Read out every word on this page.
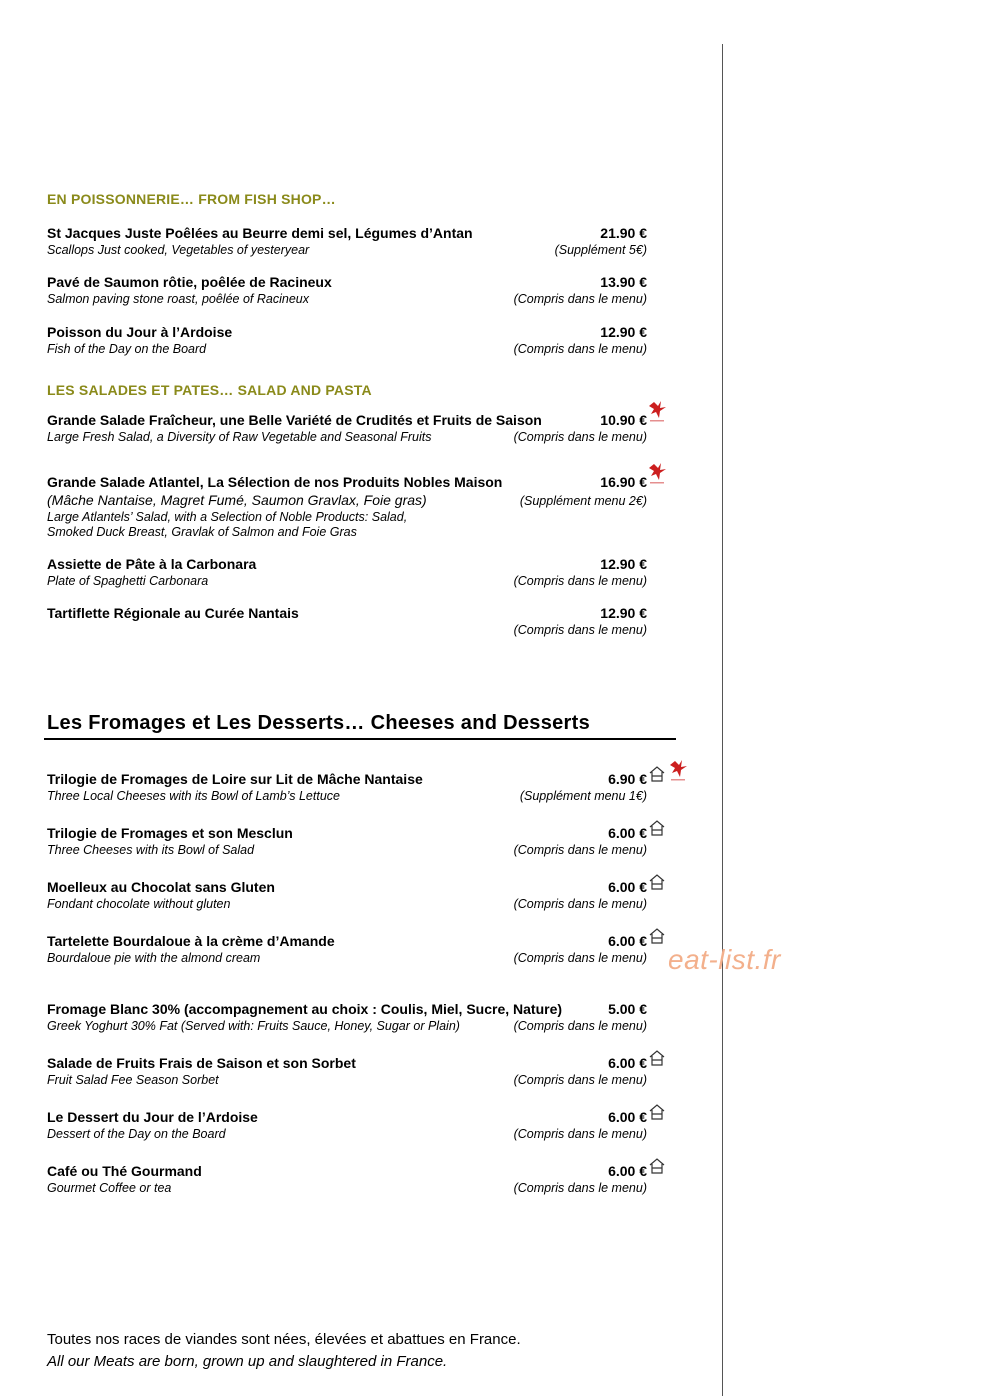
EN POISSONNERIE… FROM FISH SHOP…
St Jacques Juste Poêlées au Beurre demi sel, Légumes d’Antan
Scallops Just cooked, Vegetables of yesteryear
21.90 €
(Supplément 5€)
Pavé de Saumon rôtie, poêlée de Racineux
Salmon paving stone roast, poêlée of Racineux
13.90 €
(Compris dans le menu)
Poisson du Jour à l’Ardoise
Fish of the Day on the Board
12.90 €
(Compris dans le menu)
LES SALADES ET PATES… SALAD AND PASTA
Grande Salade Fraîcheur, une Belle Variété de Crudités et Fruits de Saison
Large Fresh Salad, a Diversity of Raw Vegetable and Seasonal Fruits
10.90 €
(Compris dans le menu)
Grande Salade Atlantel, La Sélection de nos Produits Nobles Maison
(Mâche Nantaise, Magret Fumé, Saumon Gravlax, Foie gras)
Large Atlantels’ Salad, with a Selection of Noble Products: Salad,
Smoked Duck Breast, Gravlak of Salmon and Foie Gras
16.90 €
(Supplément menu 2€)
Assiette de Pâte à la Carbonara
Plate of Spaghetti Carbonara
12.90 €
(Compris dans le menu)
Tartiflette Régionale au Curée Nantais	12.90 €
(Compris dans le menu)
Les Fromages et Les Desserts… Cheeses and Desserts
Trilogie de Fromages de Loire sur Lit de Mâche Nantaise
Three Local Cheeses with its Bowl of Lamb’s Lettuce
6.90 €
(Supplément menu 1€)
Trilogie de Fromages et son Mesclun
Three Cheeses with its Bowl of Salad
6.00 €
(Compris dans le menu)
Moelleux au Chocolat sans Gluten
Fondant chocolate without gluten
6.00 €
(Compris dans le menu)
Tartelette Bourdaloue à la crème d’Amande
Bourdaloue pie with the almond cream
6.00 €
(Compris dans le menu)
Fromage Blanc 30% (accompagnement au choix : Coulis, Miel, Sucre, Nature)
Greek Yoghurt 30% Fat (Served with: Fruits Sauce, Honey, Sugar or Plain)
5.00 €
(Compris dans le menu)
Salade de Fruits Frais de Saison et son Sorbet
Fruit Salad Fee Season Sorbet
6.00 €
(Compris dans le menu)
Le Dessert du Jour de l’Ardoise
Dessert of the Day on the Board
6.00 €
(Compris dans le menu)
Café ou Thé Gourmand
Gourmet Coffee or tea
6.00 €
(Compris dans le menu)
eat-list.fr
Toutes nos races de viandes sont nées, élevées et abattues en France.
All our Meats are born, grown up and slaughtered in France.
